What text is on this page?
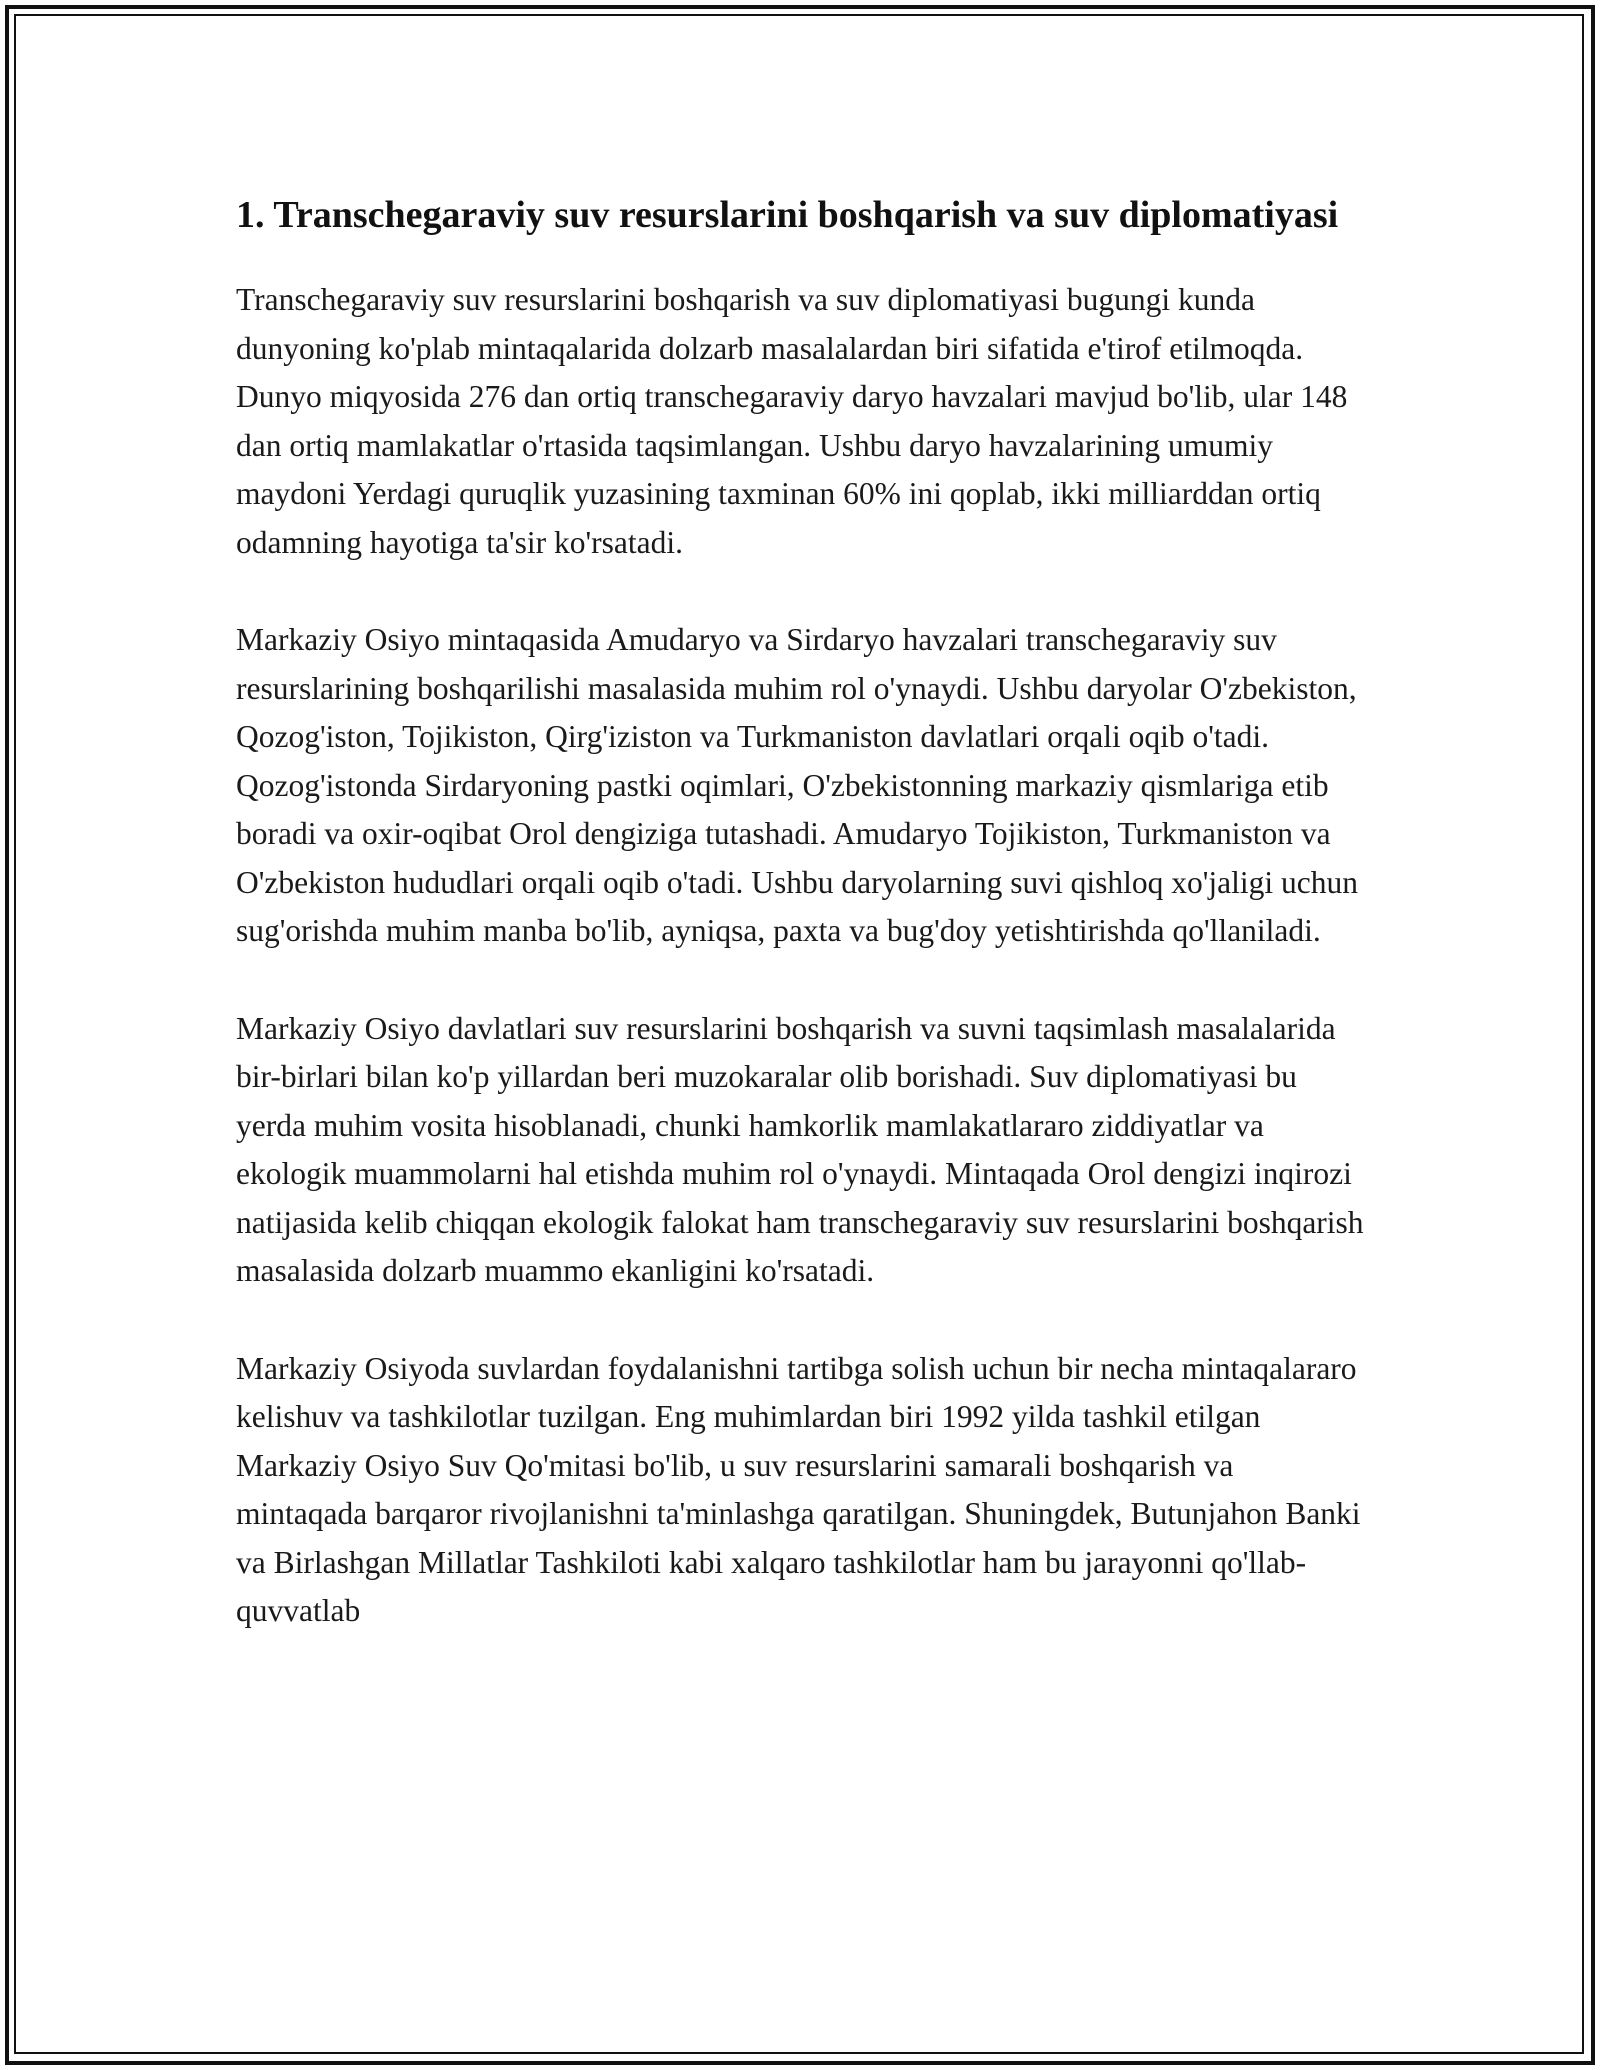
1. Transchegaraviy suv resurslarini boshqarish va suv diplomatiyasi

Transchegaraviy suv resurslarini boshqarish va suv diplomatiyasi bugungi kunda dunyoning ko'plab mintaqalarida dolzarb masalalardan biri sifatida e'tirof etilmoqda. Dunyo miqyosida 276 dan ortiq transchegaraviy daryo havzalari mavjud bo'lib, ular 148 dan ortiq mamlakatlar o'rtasida taqsimlangan. Ushbu daryo havzalarining umumiy maydoni Yerdagi quruqlik yuzasining taxminan 60% ini qoplab, ikki milliarddan ortiq odamning hayotiga ta'sir ko'rsatadi.

Markaziy Osiyo mintaqasida Amudaryo va Sirdaryo havzalari transchegaraviy suv resurslarining boshqarilishi masalasida muhim rol o'ynaydi. Ushbu daryolar O'zbekiston, Qozog'iston, Tojikiston, Qirg'iziston va Turkmaniston davlatlari orqali oqib o'tadi. Qozog'istonda Sirdaryoning pastki oqimlari, O'zbekistonning markaziy qismlariga etib boradi va oxir-oqibat Orol dengiziga tutashadi. Amudaryo Tojikiston, Turkmaniston va O'zbekiston hududlari orqali oqib o'tadi. Ushbu daryolarning suvi qishloq xo'jaligi uchun sug'orishda muhim manba bo'lib, ayniqsa, paxta va bug'doy yetishtirishda qo'llaniladi.

Markaziy Osiyo davlatlari suv resurslarini boshqarish va suvni taqsimlash masalalarida bir-birlari bilan ko'p yillardan beri muzokaralar olib borishadi. Suv diplomatiyasi bu yerda muhim vosita hisoblanadi, chunki hamkorlik mamlakatlararo ziddiyatlar va ekologik muammolarni hal etishda muhim rol o'ynaydi. Mintaqada Orol dengizi inqirozi natijasida kelib chiqqan ekologik falokat ham transchegaraviy suv resurslarini boshqarish masalasida dolzarb muammo ekanligini ko'rsatadi.

Markaziy Osiyoda suvlardan foydalanishni tartibga solish uchun bir necha mintaqalararo kelishuv va tashkilotlar tuzilgan. Eng muhimlardan biri 1992 yilda tashkil etilgan Markaziy Osiyo Suv Qo'mitasi bo'lib, u suv resurslarini samarali boshqarish va mintaqada barqaror rivojlanishni ta'minlashga qaratilgan. Shuningdek, Butunjahon Banki va Birlashgan Millatlar Tashkiloti kabi xalqaro tashkilotlar ham bu jarayonni qo'llab-quvvatlab
